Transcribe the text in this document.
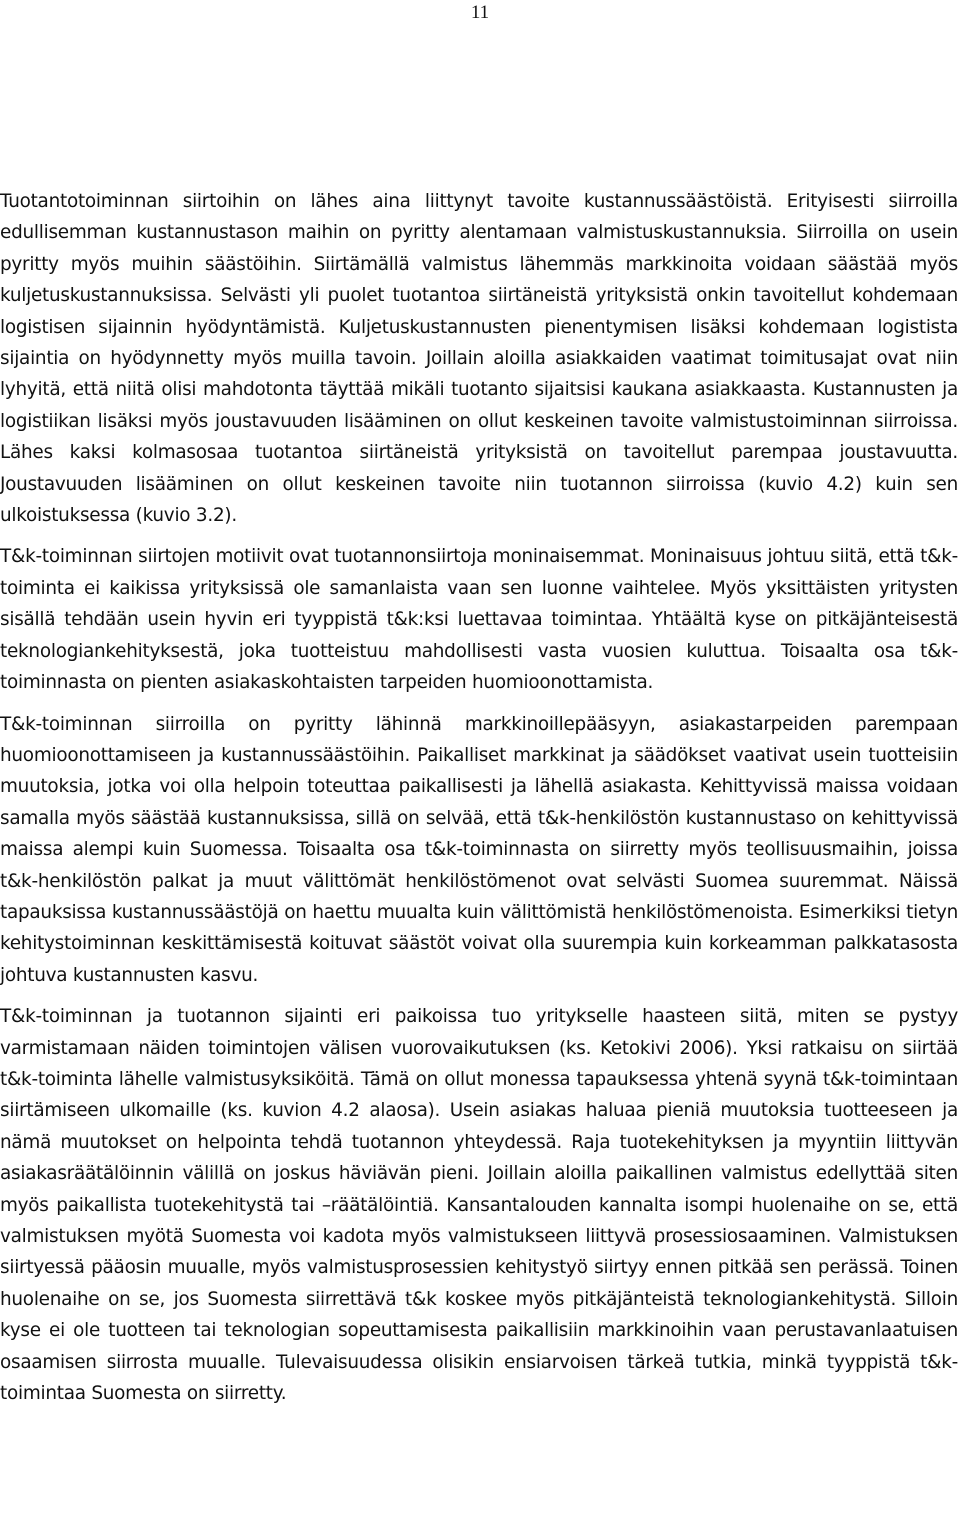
11

Tuotantotoiminnan siirtoihin on lähes aina liittynyt tavoite kustannussäästöistä. Erityisesti siirroilla edullisemman kustannustason maihin on pyritty alentamaan valmistuskustannuksia. Siirroilla on usein pyritty myös muihin säästöihin. Siirtämällä valmistus lähemmäs markkinoita voidaan säästää myös kuljetuskustannuksissa. Selvästi yli puolet tuotantoa siirtäneistä yrityksistä onkin tavoitellut kohdemaan logistisen sijainnin hyödyntämistä. Kuljetuskustannusten pienentymisen lisäksi kohdemaan logistista sijaintia on hyödynnetty myös muilla tavoin. Joillain aloilla asiakkaiden vaatimat toimitusajat ovat niin lyhyitä, että niitä olisi mahdotonta täyttää mikäli tuotanto sijaitsisi kaukana asiakkaasta. Kustannusten ja logistiikan lisäksi myös joustavuuden lisääminen on ollut keskeinen tavoite valmistustoiminnan siirroissa. Lähes kaksi kolmasosaa tuotantoa siirtäneistä yrityksistä on tavoitellut parempaa joustavuutta. Joustavuuden lisääminen on ollut keskeinen tavoite niin tuotannon siirroissa (kuvio 4.2) kuin sen ulkoistuksessa (kuvio 3.2).

T&k-toiminnan siirtojen motiivit ovat tuotannonsiirtoja moninaisemmat. Moninaisuus johtuu siitä, että t&k-toiminta ei kaikissa yrityksissä ole samanlaista vaan sen luonne vaihtelee. Myös yksittäisten yritysten sisällä tehdään usein hyvin eri tyyppistä t&k:ksi luettavaa toimintaa. Yhtäältä kyse on pitkäjänteisestä teknologiankehityksestä, joka tuotteistuu mahdollisesti vasta vuosien kuluttua. Toisaalta osa t&k-toiminnasta on pienten asiakaskohtaisten tarpeiden huomioonottamista.

T&k-toiminnan siirroilla on pyritty lähinnä markkinoillepääsyyn, asiakastarpeiden parempaan huomioonottamiseen ja kustannussäästöihin. Paikalliset markkinat ja säädökset vaativat usein tuotteisiin muutoksia, jotka voi olla helpoin toteuttaa paikallisesti ja lähellä asiakasta. Kehittyvissä maissa voidaan samalla myös säästää kustannuksissa, sillä on selvää, että t&k-henkilöstön kustannustaso on kehittyvissä maissa alempi kuin Suomessa. Toisaalta osa t&k-toiminnasta on siirretty myös teollisuusmaihin, joissa t&k-henkilöstön palkat ja muut välittömät henkilöstömenot ovat selvästi Suomea suuremmat. Näissä tapauksissa kustannussäästöjä on haettu muualta kuin välittömistä henkilöstömenoista. Esimerkiksi tietyn kehitystoiminnan keskittämisestä koituvat säästöt voivat olla suurempia kuin korkeamman palkkatasosta johtuva kustannusten kasvu.

T&k-toiminnan ja tuotannon sijainti eri paikoissa tuo yritykselle haasteen siitä, miten se pystyy varmistamaan näiden toimintojen välisen vuorovaikutuksen (ks. Ketokivi 2006). Yksi ratkaisu on siirtää t&k-toiminta lähelle valmistusyksiköitä. Tämä on ollut monessa tapauksessa yhtenä syynä t&k-toimintaan siirtämiseen ulkomaille (ks. kuvion 4.2 alaosa). Usein asiakas haluaa pieniä muutoksia tuotteeseen ja nämä muutokset on helpointa tehdä tuotannon yhteydessä. Raja tuotekehityksen ja myyntiin liittyvän asiakasräätälöinnin välillä on joskus häviävän pieni. Joillain aloilla paikallinen valmistus edellyttää siten myös paikallista tuotekehitystä tai –räätälöintiä. Kansantalouden kannalta isompi huolenaihe on se, että valmistuksen myötä Suomesta voi kadota myös valmistukseen liittyvä prosessiosaaminen. Valmistuksen siirtyessä pääosin muualle, myös valmistusprosessien kehitystyö siirtyy ennen pitkää sen perässä. Toinen huolenaihe on se, jos Suomesta siirrettävä t&k koskee myös pitkäjänteistä teknologiankehitystä. Silloin kyse ei ole tuotteen tai teknologian sopeuttamisesta paikallisiin markkinoihin vaan perustavanlaatuisen osaamisen siirrosta muualle. Tulevaisuudessa olisikin ensiarvoisen tärkeä tutkia, minkä tyyppistä t&k-toimintaa Suomesta on siirretty.
